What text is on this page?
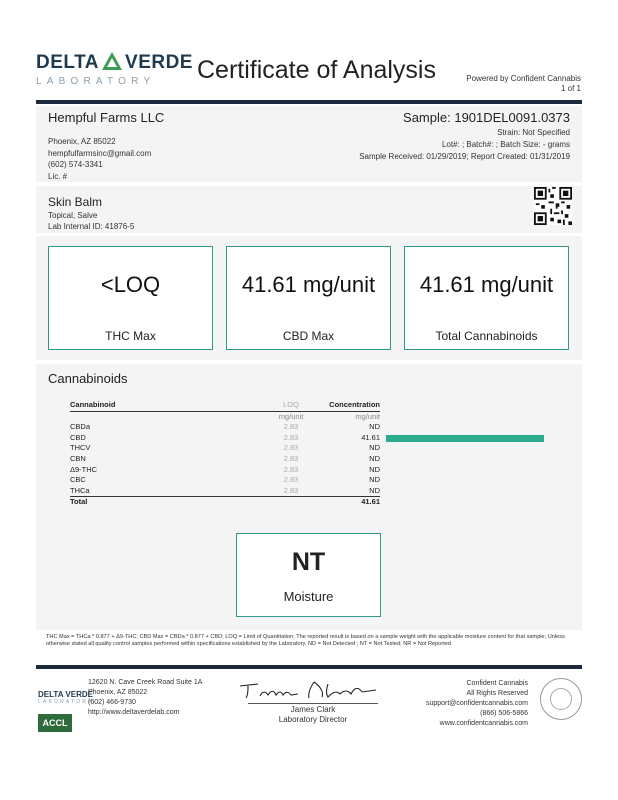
DELTA VERDE
LABORATORY Certificate of Analysis	Powered by Confident Cannabis
1 of 1
Hempful Farms LLC
Phoenix, AZ 85022
hempfulfarmsinc@gmail.com
(602) 574-3341
Lic. #
Sample: 1901DEL0091.0373
Strain: Not Specified
Lot#: ; Batch#: ; Batch Size: - grams
Sample Received: 01/29/2019; Report Created: 01/31/2019
Skin Balm
Topical, Salve
Lab Internal ID: 41876-5
<LOQ
THC Max
41.61 mg/unit
CBD Max
41.61 mg/unit
Total Cannabinoids
Cannabinoids
Cannabinoid	LOQ	Concentration	
	mg/unit	mg/unit	
CBDa	2.83	ND	
CBD	2.83	41.61	

THCV	2.83	ND	
CBN	2.83	ND	
Δ9-THC	2.83	ND	
CBC	2.83	ND	
THCa	2.83	ND	
Total		41.61	
NT
Moisture
THC Max = THCa * 0.877 + Δ9-THC; CBD Max = CBDa * 0.877 + CBD; LOQ = Limit of Quantitation; The reported result is based on a sample weight with the applicable moisture content for that sample; Unless otherwise stated all quality control samples performed within specifications established by the Laboratory. ND = Not Detected ; NT = Not Tested; NR = Not Reported
DELTA VERDE
LABORATORY
ACCL
12620 N. Cave Creek Road Suite 1A
Phoenix, AZ 85022
(602) 466-9730
http://www.deltaverdelab.com	James Clark
Laboratory Director
Confident Cannabis
All Rights Reserved
support@confidentcannabis.com
(866) 506-5866
www.confidentcannabis.com
